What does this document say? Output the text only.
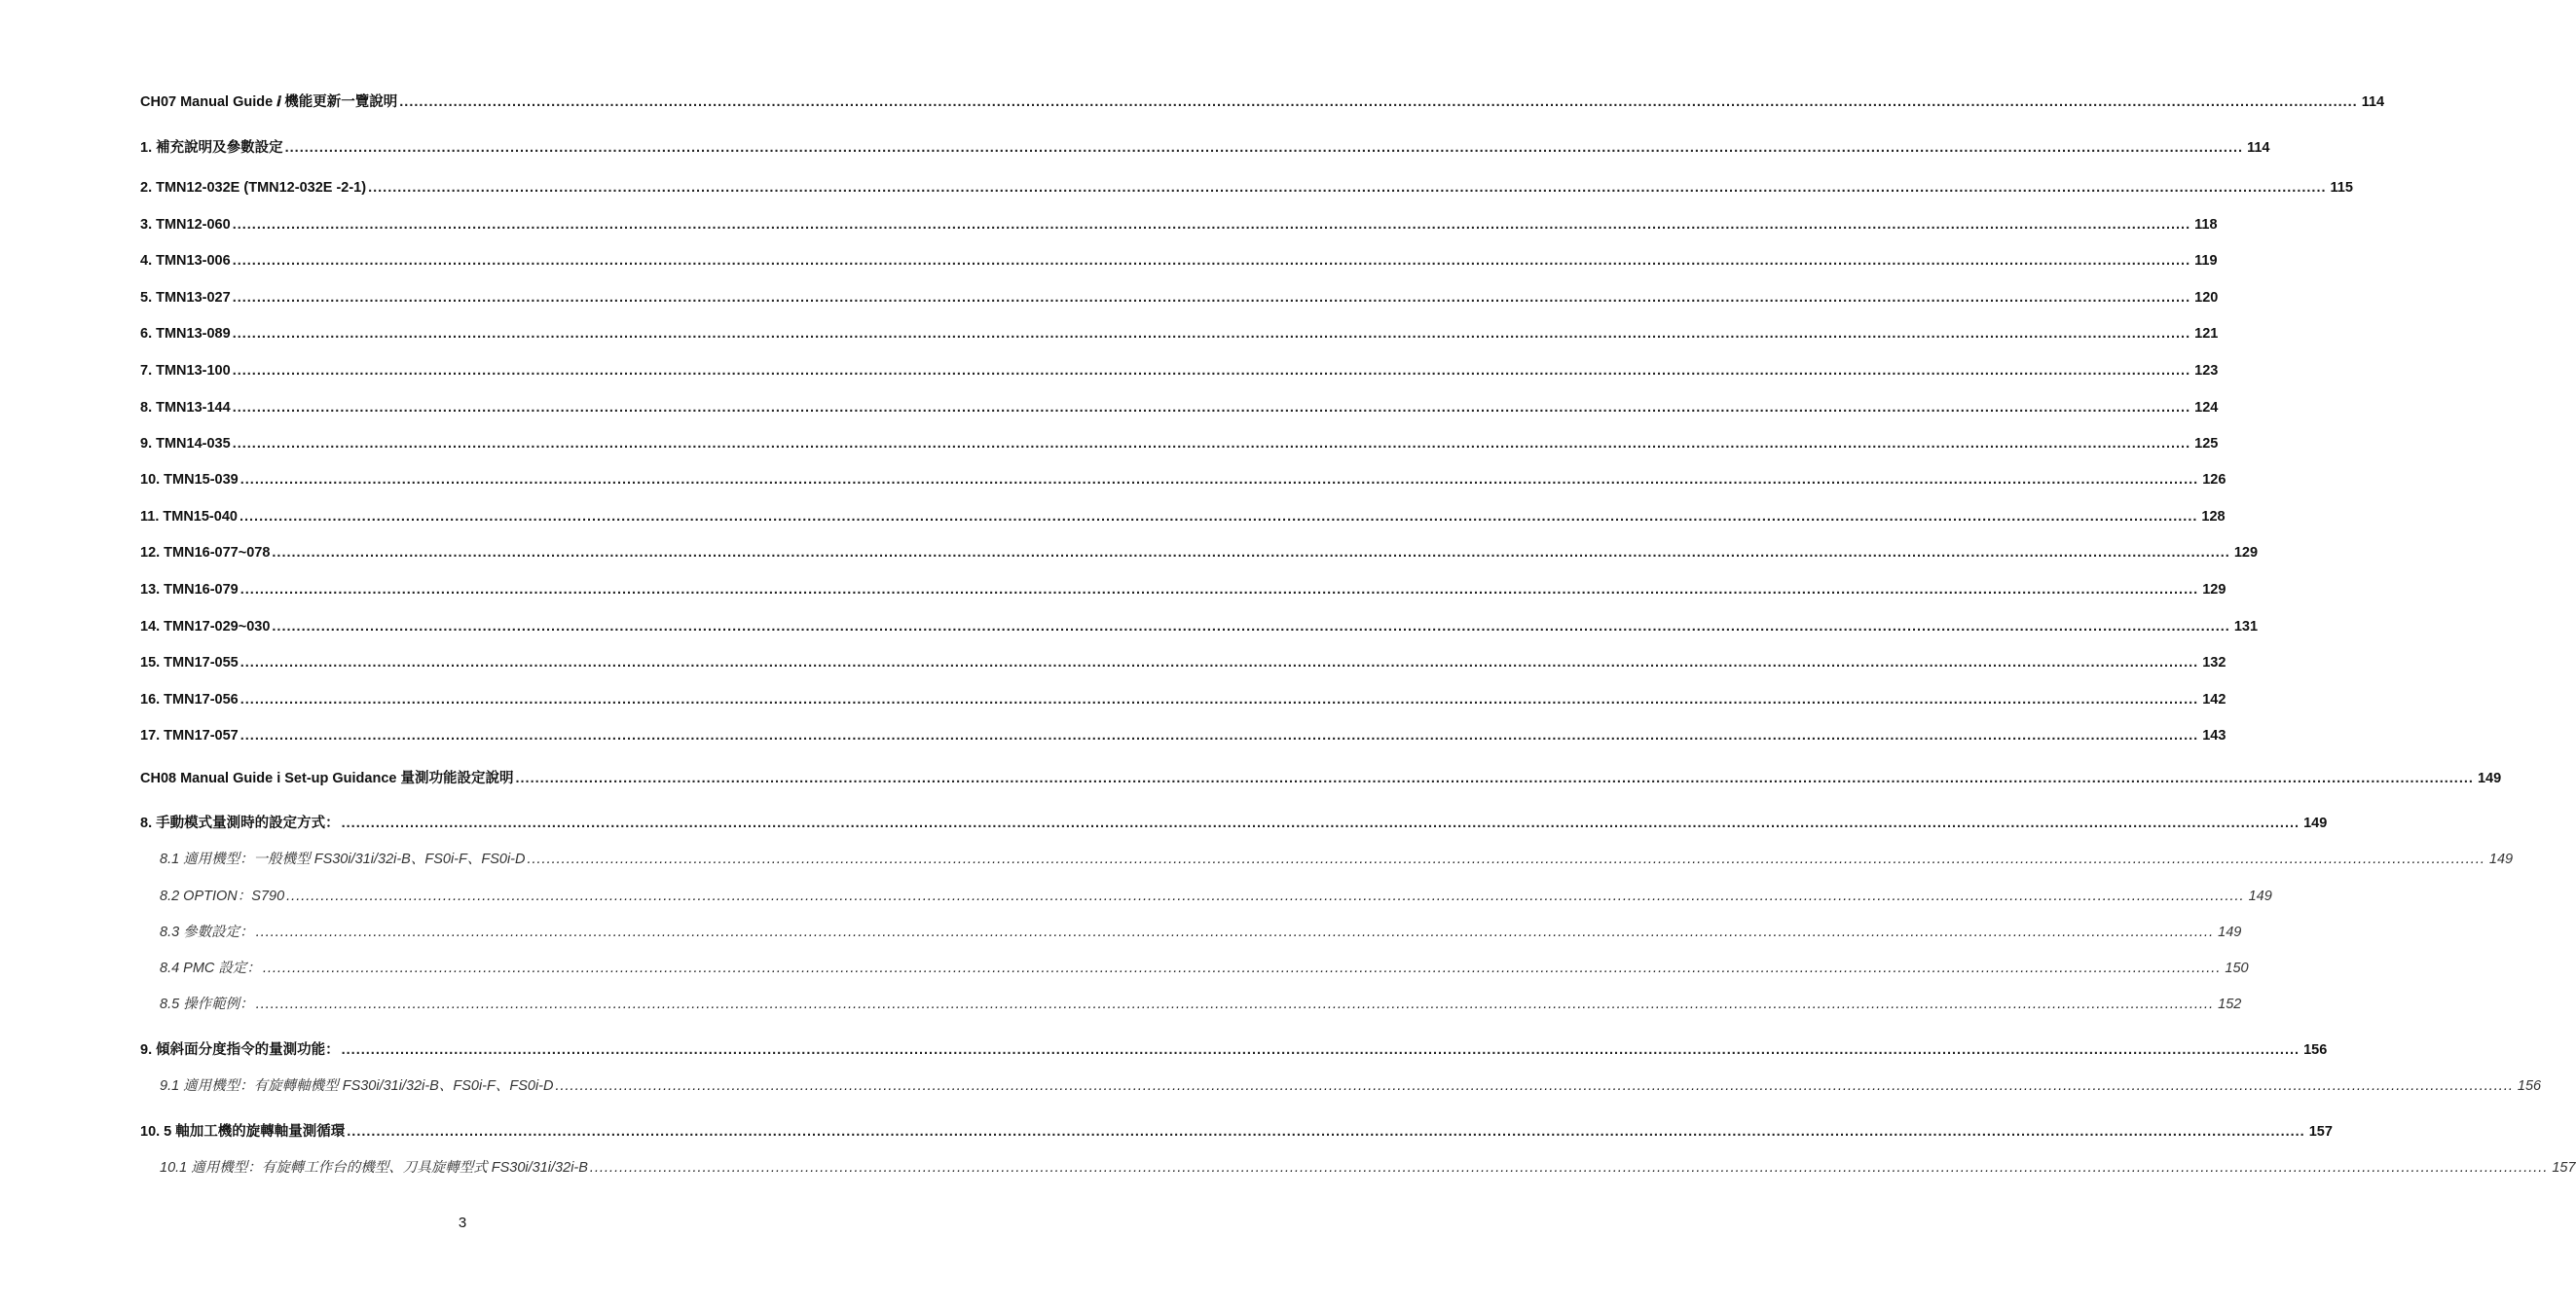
CH07 Manual Guide 𝒊 機能更新一覽說明 ................................................................................................................................................................................................................................................................................................................................................................................................................ 114
1. 補充說明及參數設定 ................................................................................................................................................................................................................................................................................................................................................................................................................ 114
2. TMN12-032E (TMN12-032E -2-1) ................................................................................................................................................................................................................................................................................................................................................................................................................ 115
3. TMN12-060 ................................................................................................................................................................................................................................................................................................................................................................................................................ 118
4. TMN13-006 ................................................................................................................................................................................................................................................................................................................................................................................................................ 119
5. TMN13-027 ................................................................................................................................................................................................................................................................................................................................................................................................................ 120
6. TMN13-089 ................................................................................................................................................................................................................................................................................................................................................................................................................ 121
7. TMN13-100 ................................................................................................................................................................................................................................................................................................................................................................................................................ 123
8. TMN13-144 ................................................................................................................................................................................................................................................................................................................................................................................................................ 124
9. TMN14-035 ................................................................................................................................................................................................................................................................................................................................................................................................................ 125
10. TMN15-039 ................................................................................................................................................................................................................................................................................................................................................................................................................ 126
11. TMN15-040 ................................................................................................................................................................................................................................................................................................................................................................................................................ 128
12. TMN16-077~078 ................................................................................................................................................................................................................................................................................................................................................................................................................ 129
13. TMN16-079 ................................................................................................................................................................................................................................................................................................................................................................................................................ 129
14. TMN17-029~030 ................................................................................................................................................................................................................................................................................................................................................................................................................ 131
15. TMN17-055 ................................................................................................................................................................................................................................................................................................................................................................................................................ 132
16. TMN17-056 ................................................................................................................................................................................................................................................................................................................................................................................................................ 142
17. TMN17-057 ................................................................................................................................................................................................................................................................................................................................................................................................................ 143
CH08 Manual Guide i Set-up Guidance 量測功能設定說明 ................................................................................................................................................................................................................................................................................................................................................................................................................ 149
8. 手動模式量測時的設定方式： ................................................................................................................................................................................................................................................................................................................................................................................................................ 149
8.1 適用機型：一般機型 FS30i/31i/32i-B、FS0i-F、FS0i-D ................................................................................................................................................................................................................................................................................................................................................................................................................ 149
8.2 OPTION：S790 ................................................................................................................................................................................................................................................................................................................................................................................................................ 149
8.3 參數設定： ................................................................................................................................................................................................................................................................................................................................................................................................................ 149
8.4 PMC 設定： ................................................................................................................................................................................................................................................................................................................................................................................................................ 150
8.5 操作範例： ................................................................................................................................................................................................................................................................................................................................................................................................................ 152
9. 傾斜面分度指令的量測功能： ................................................................................................................................................................................................................................................................................................................................................................................................................ 156
9.1 適用機型：有旋轉軸機型 FS30i/31i/32i-B、FS0i-F、FS0i-D ................................................................................................................................................................................................................................................................................................................................................................................................................ 156
10. 5 軸加工機的旋轉軸量測循環 ................................................................................................................................................................................................................................................................................................................................................................................................................ 157
10.1 適用機型：有旋轉工作台的機型、刀具旋轉型式 FS30i/31i/32i-B ................................................................................................................................................................................................................................................................................................................................................................................................................ 157
3
